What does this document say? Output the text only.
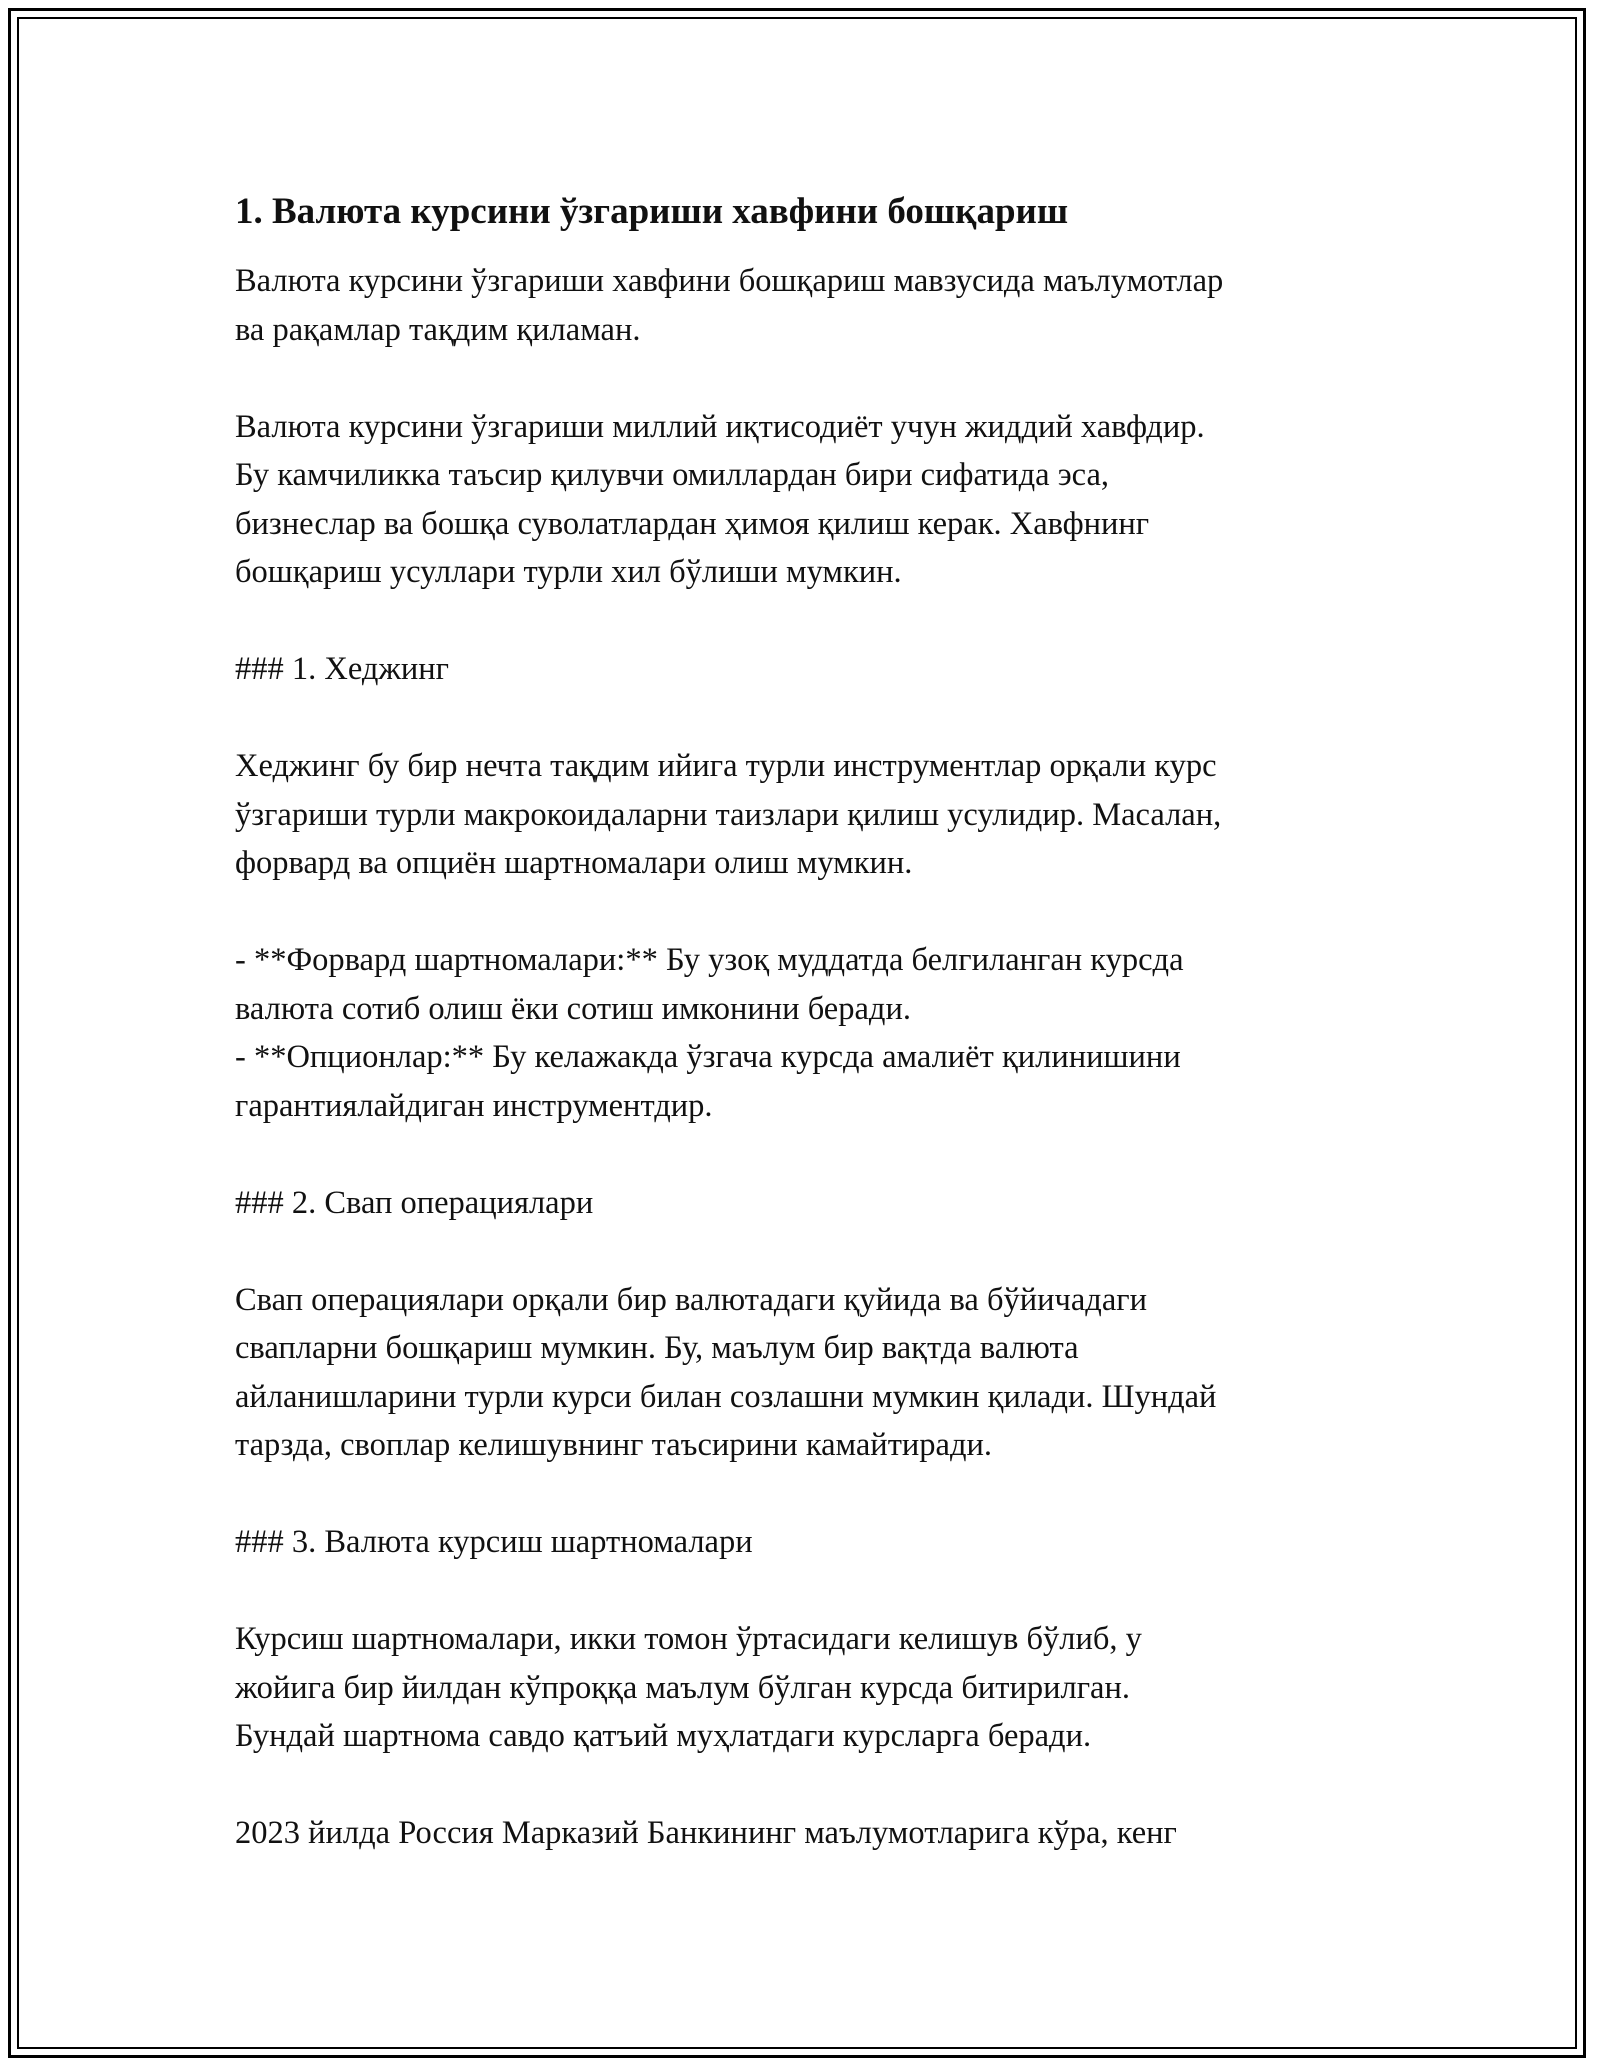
1. Валюта курсини ўзгариши хавфини бошқариш

Валюта курсини ўзгариши хавфини бошқариш мавзусида маълумотлар

ва рақамлар тақдим қиламан.

Валюта курсини ўзгариши миллий иқтисодиёт учун жиддий хавфдир.

Бу камчиликка таъсир қилувчи омиллардан бири сифатида эса,

бизнеслар ва бошқа суволатлардан ҳимоя қилиш керак. Хавфнинг

бошқариш усуллари турли хил бўлиши мумкин.

### 1. Хеджинг

Хеджинг бу бир нечта тақдим ийига турли инструментлар орқали курс

ўзгариши турли макрокоидаларни таизлари қилиш усулидир. Масалан,

форвард ва опциён шартномалари олиш мумкин.

- **Форвард шартномалари:** Бу узоқ муддатда белгиланган курсда

валюта сотиб олиш ёки сотиш имконини беради.

- **Опционлар:** Бу келажакда ўзгача курсда амалиёт қилинишини

гарантиялайдиган инструментдир.

### 2. Свап операциялари

Свап операциялари орқали бир валютадаги қуйида ва бўйичадаги

свапларни бошқариш мумкин. Бу, маълум бир вақтда валюта

айланишларини турли курси билан созлашни мумкин қилади. Шундай

тарзда, своплар келишувнинг таъсирини камайтиради.

### 3. Валюта курсиш шартномалари

Курсиш шартномалари, икки томон ўртасидаги келишув бўлиб, у

жойига бир йилдан кўпроққа маълум бўлган курсда битирилган.

Бундай шартнома савдо қатъий муҳлатдаги курсларга беради.

2023 йилда Россия Марказий Банкининг маълумотларига кўра, кенг
